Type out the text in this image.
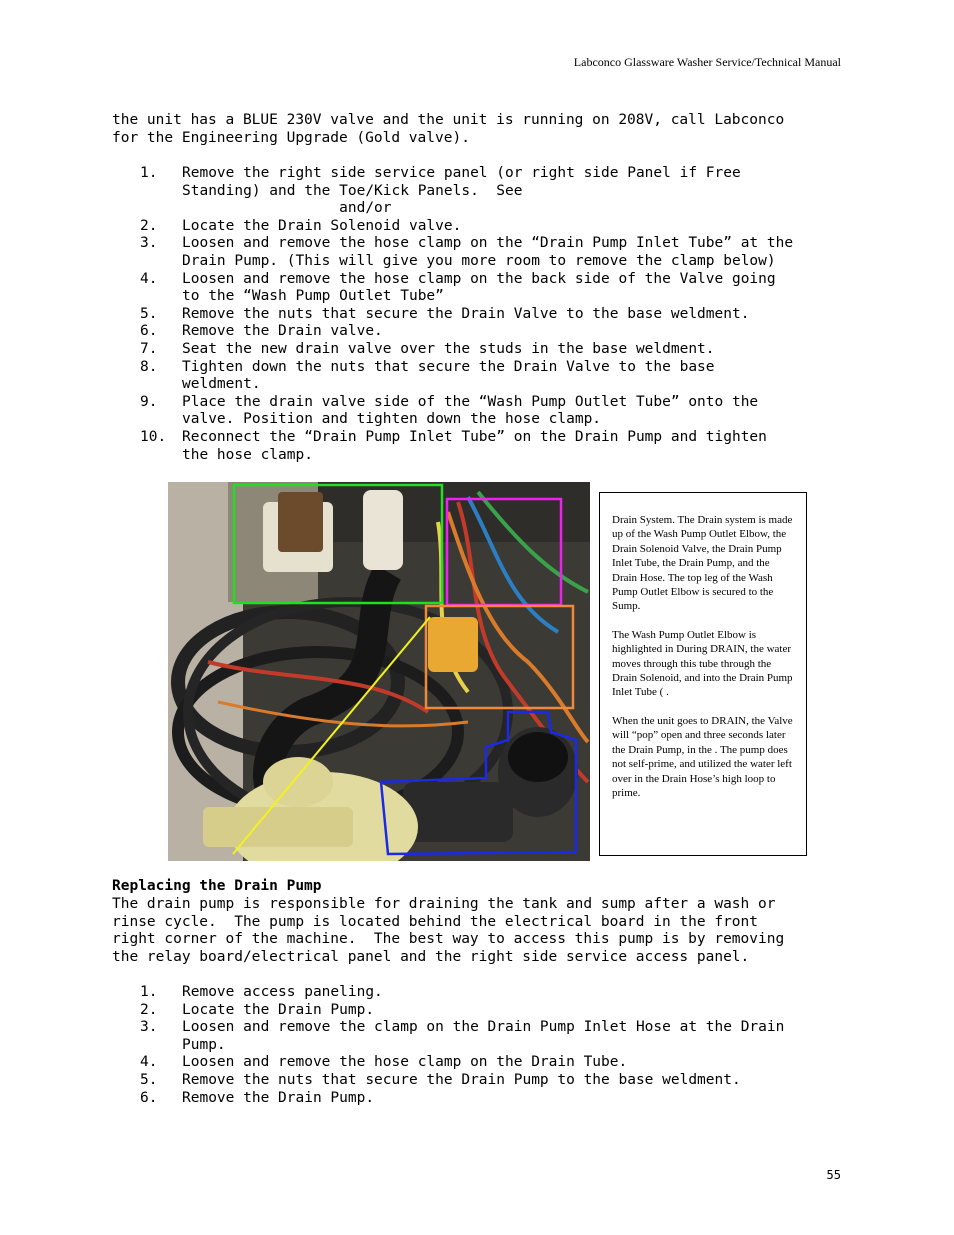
Labconco Glassware Washer Service/Technical Manual
the unit has a BLUE 230V valve and the unit is running on 208V, call Labconco
for the Engineering Upgrade (Gold valve).
1. Remove the right side service panel (or right side Panel if Free
Standing) and the Toe/Kick Panels.  See
and/or
2. Locate the Drain Solenoid valve.
3. Loosen and remove the hose clamp on the “Drain Pump Inlet Tube” at the
Drain Pump. (This will give you more room to remove the clamp below)
4. Loosen and remove the hose clamp on the back side of the Valve going
to the “Wash Pump Outlet Tube”
5. Remove the nuts that secure the Drain Valve to the base weldment.
6. Remove the Drain valve.
7. Seat the new drain valve over the studs in the base weldment.
8. Tighten down the nuts that secure the Drain Valve to the base
weldment.
9. Place the drain valve side of the “Wash Pump Outlet Tube” onto the
valve. Position and tighten down the hose clamp.
10. Reconnect the “Drain Pump Inlet Tube” on the Drain Pump and tighten
the hose clamp.

Drain System. The Drain system is made up of the Wash Pump Outlet Elbow, the Drain Solenoid Valve, the Drain Pump Inlet Tube, the Drain Pump, and the Drain Hose. The top leg of the Wash Pump Outlet Elbow is secured to the Sump.

The Wash Pump Outlet Elbow is highlighted in During DRAIN, the water moves through this tube through the Drain Solenoid, and into the Drain Pump Inlet Tube ( .

When the unit goes to DRAIN, the Valve will “pop” open and three seconds later the Drain Pump, in the . The pump does not self-prime, and utilized the water left over in the Drain Hose’s high loop to prime.

Replacing the Drain Pump
The drain pump is responsible for draining the tank and sump after a wash or
rinse cycle.  The pump is located behind the electrical board in the front
right corner of the machine.  The best way to access this pump is by removing
the relay board/electrical panel and the right side service access panel.
1. Remove access paneling.
2. Locate the Drain Pump.
3. Loosen and remove the clamp on the Drain Pump Inlet Hose at the Drain
Pump.
4. Loosen and remove the hose clamp on the Drain Tube.
5. Remove the nuts that secure the Drain Pump to the base weldment.
6. Remove the Drain Pump.
55
